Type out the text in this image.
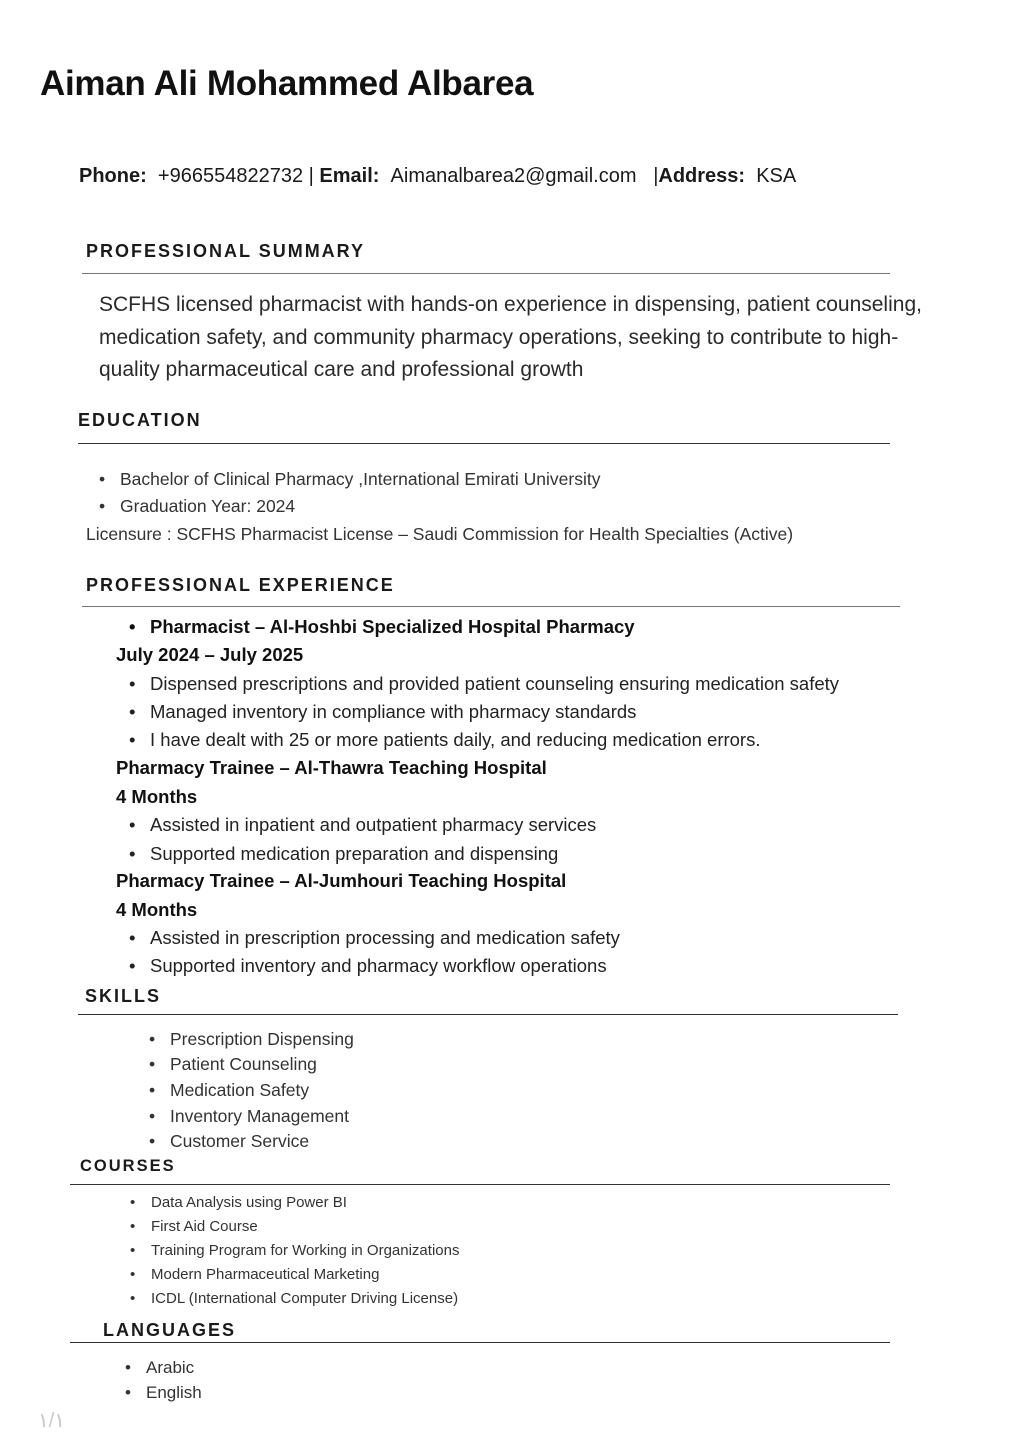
Aiman Ali Mohammed Albarea
Phone: +966554822732 | Email: Aimanalbarea2@gmail.com |Address: KSA
PROFESSIONAL SUMMARY
SCFHS licensed pharmacist with hands-on experience in dispensing, patient counseling, medication safety, and community pharmacy operations, seeking to contribute to high-quality pharmaceutical care and professional growth
EDUCATION
• Bachelor of Clinical Pharmacy ,International Emirati University
• Graduation Year: 2024
Licensure : SCFHS Pharmacist License – Saudi Commission for Health Specialties (Active)
PROFESSIONAL EXPERIENCE
• Pharmacist – Al-Hoshbi Specialized Hospital Pharmacy
July 2024 – July 2025
• Dispensed prescriptions and provided patient counseling ensuring medication safety
• Managed inventory in compliance with pharmacy standards
• I have dealt with 25 or more patients daily, and reducing medication errors.
Pharmacy Trainee – Al-Thawra Teaching Hospital
4 Months
• Assisted in inpatient and outpatient pharmacy services
• Supported medication preparation and dispensing
Pharmacy Trainee – Al-Jumhouri Teaching Hospital
4 Months
• Assisted in prescription processing and medication safety
• Supported inventory and pharmacy workflow operations
SKILLS
• Prescription Dispensing
• Patient Counseling
• Medication Safety
• Inventory Management
• Customer Service
COURSES
• Data Analysis using Power BI
• First Aid Course
• Training Program for Working in Organizations
• Modern Pharmaceutical Marketing
• ICDL (International Computer Driving License)
LANGUAGES
• Arabic
• English
١/١
